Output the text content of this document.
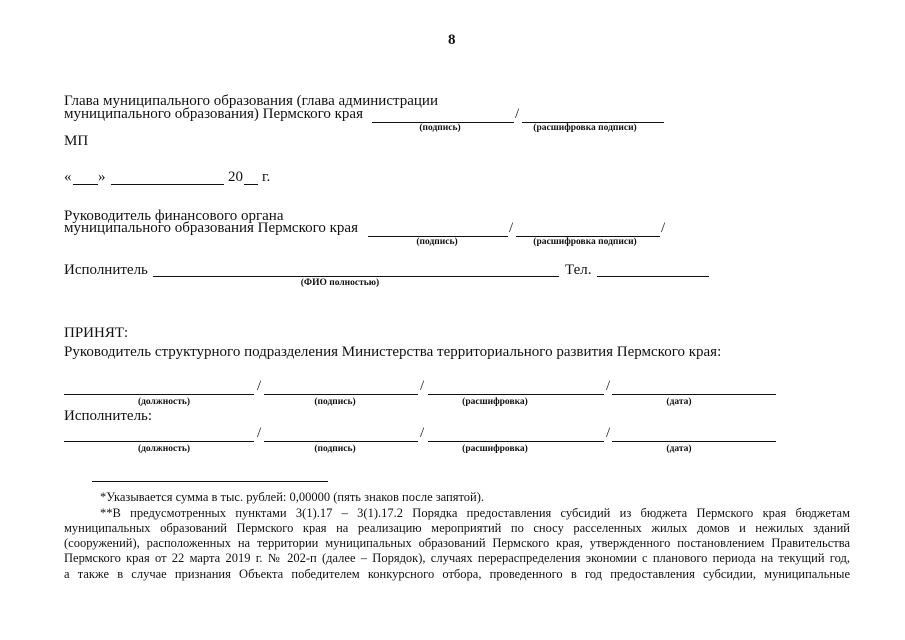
8
Глава муниципального образования (глава администрации
муниципального образования) Пермского края	/
(подпись)	(расшифровка подписи)
МП
« »	20 г.
Руководитель финансового органа
муниципального образования Пермского края	/	/
(подпись)	(расшифровка подписи)
Исполнитель	Тел.
(ФИО полностью)
ПРИНЯТ:
Руководитель структурного подразделения Министерства территориального развития Пермского края:
/	/	/
(должность)	(подпись)	(расшифровка)	(дата)
Исполнитель:
/	/	/
(должность)	(подпись)	(расшифровка)	(дата)
*Указывается сумма в тыс. рублей: 0,00000 (пять знаков после запятой).
**В предусмотренных пунктами 3(1).17 – 3(1).17.2 Порядка предоставления субсидий из бюджета Пермского края бюджетам
муниципальных образований Пермского края на реализацию мероприятий по сносу расселенных жилых домов и нежилых зданий
(сооружений), расположенных на территории муниципальных образований Пермского края, утвержденного постановлением Правительства
Пермского края от 22 марта 2019 г. № 202-п (далее – Порядок), случаях перераспределения экономии с планового периода на текущий год,
а также в случае признания Объекта победителем конкурсного отбора, проведенного в год предоставления субсидии, муниципальные
